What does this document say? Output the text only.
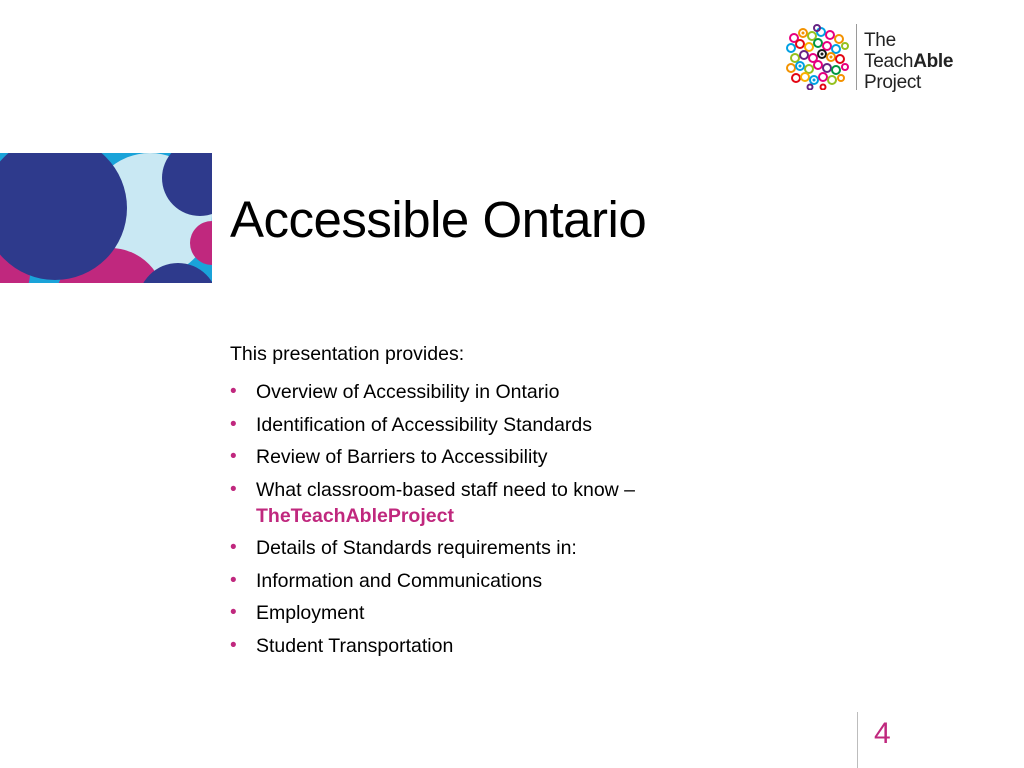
The
TeachAble
Project
Accessible Ontario

This presentation provides:

• Overview of Accessibility in Ontario
• Identification of Accessibility Standards
• Review of Barriers to Accessibility
• What classroom-based staff need to know –
TheTeachAbleProject
• Details of Standards requirements in:
• Information and Communications
• Employment
• Student Transportation
4
